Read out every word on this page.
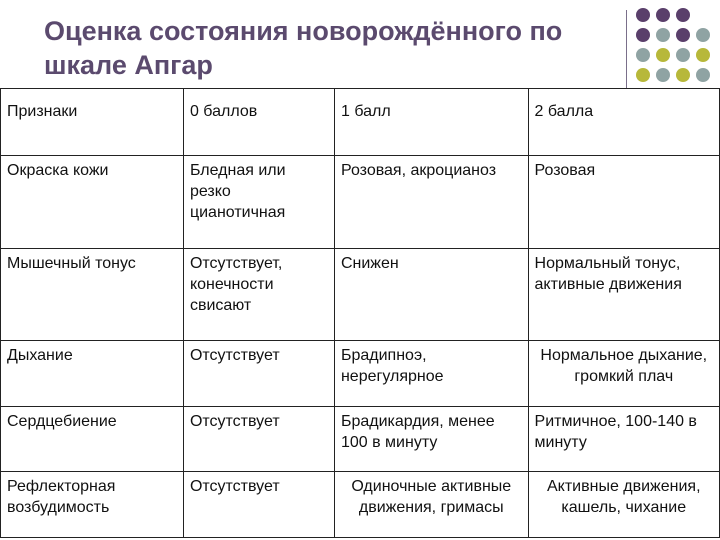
Оценка состояния новорождённого по
шкале Апгар
Признаки	0 баллов	1 балл	2 балла
Окраска кожи	Бледная или резко цианотичная	Розовая, акроцианоз	Розовая
Мышечный тонус	Отсутствует, конечности свисают	Снижен	Нормальный тонус, активные движения
Дыхание	Отсутствует	Брадипноэ, нерегулярное	Нормальное дыхание, громкий плач
Сердцебиение	Отсутствует	Брадикардия, менее 100 в минуту	Ритмичное, 100-140 в минуту
Рефлекторная возбудимость	Отсутствует	Одиночные активные движения, гримасы	Активные движения, кашель, чихание
